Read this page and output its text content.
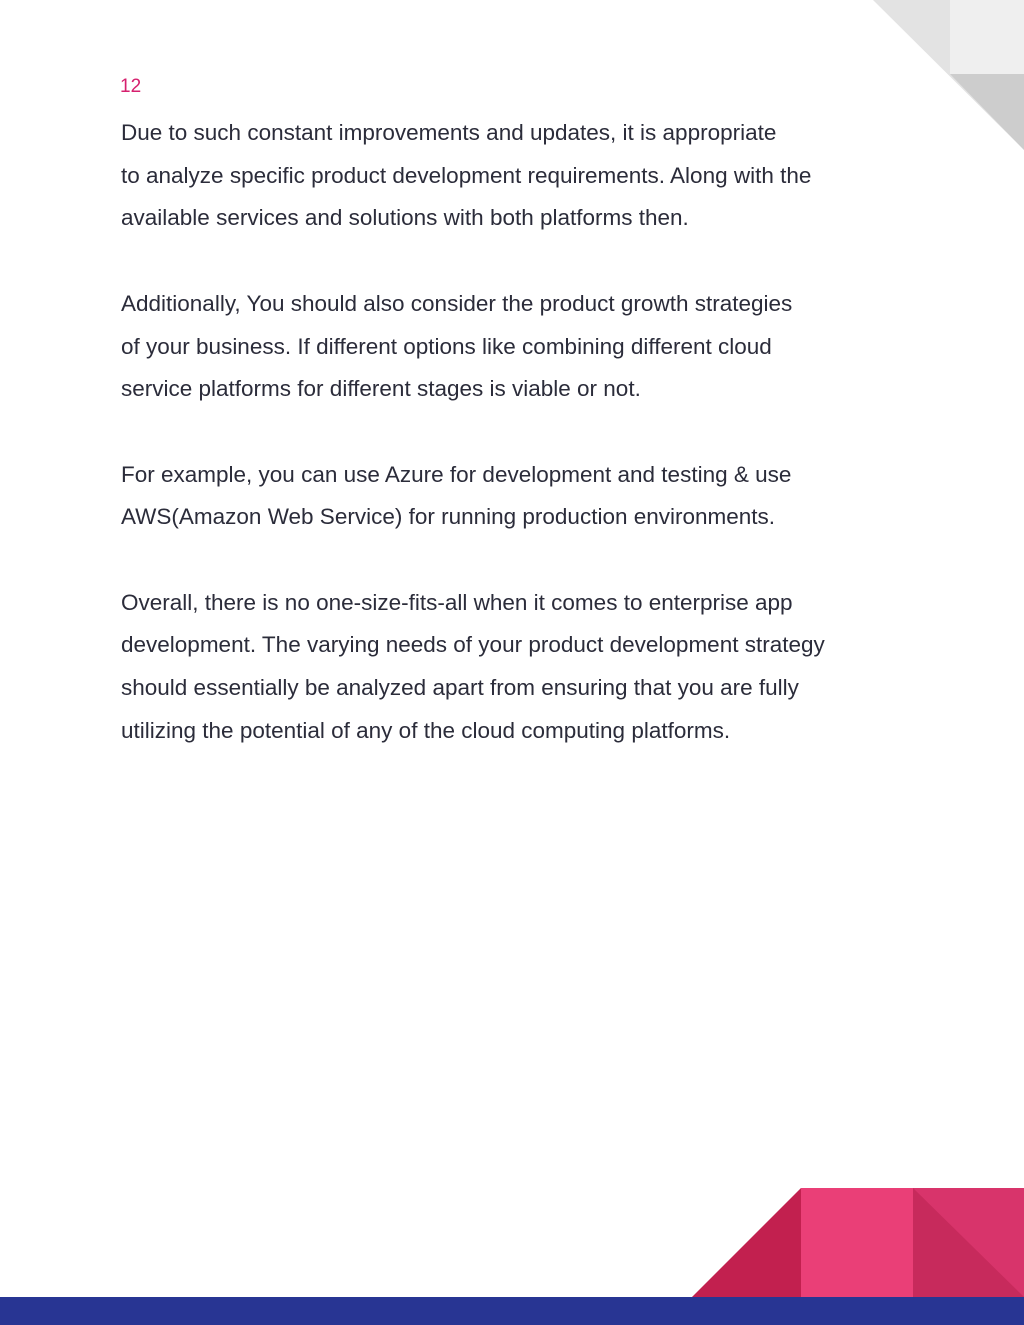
12

Due to such constant improvements and updates, it is appropriate
to analyze specific product development requirements. Along with the
available services and solutions with both platforms then.

Additionally, You should also consider the product growth strategies
of your business. If different options like combining different cloud
service platforms for different stages is viable or not.

For example, you can use Azure for development and testing & use
AWS(Amazon Web Service) for running production environments.

Overall, there is no one-size-fits-all when it comes to enterprise app
development. The varying needs of your product development strategy
should essentially be analyzed apart from ensuring that you are fully
utilizing the potential of any of the cloud computing platforms.
